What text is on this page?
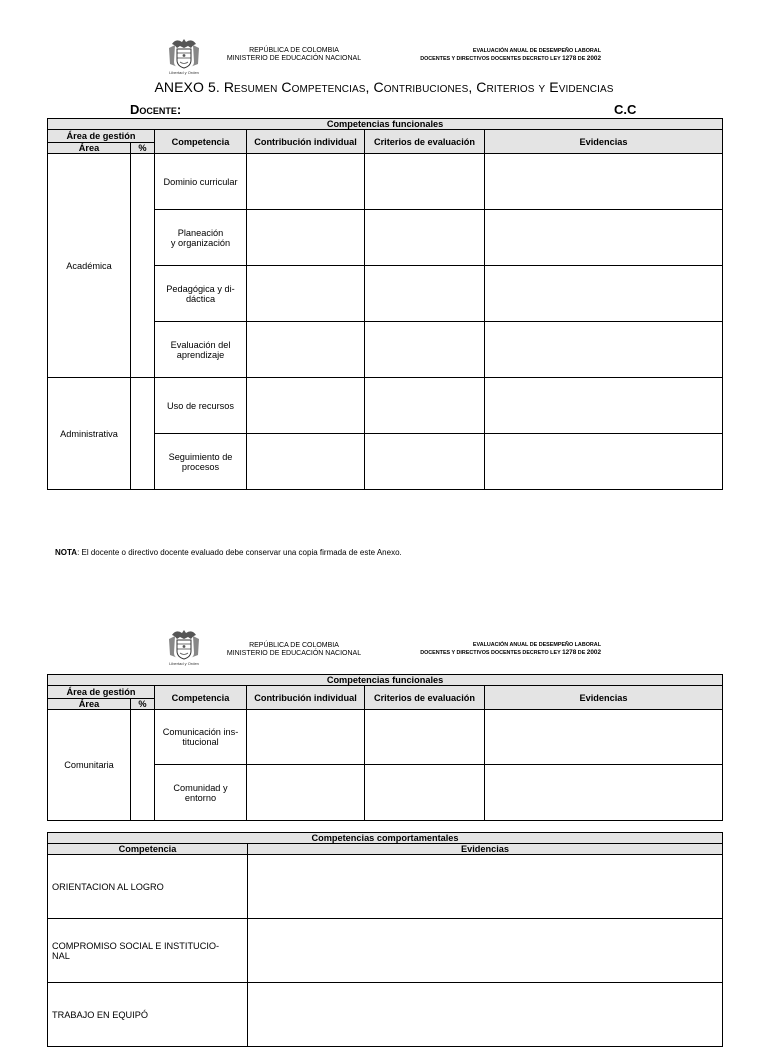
Libertad y Orden
REPÚBLICA DE COLOMBIA
MINISTERIO DE EDUCACIÓN NACIONAL
EVALUACIÓN ANUAL DE DESEMPEÑO LABORAL
DOCENTES Y DIRECTIVOS DOCENTES DECRETO LEY 1278 DE 2002
ANEXO 5. Resumen Competencias, Contribuciones, Criterios y Evidencias
Docente:	C.C
Competencias funcionales					
Área de gestión		Competencia	Contribución individual	Criterios de evaluación	Evidencias
Área	%				
Académica		Dominio curricular			

		Planeación
y organización			

		Pedagógica y di-
dáctica			

		Evaluación del
aprendizaje			

Administrativa		Uso de recursos			

		Seguimiento de
procesos			

NOTA: El docente o directivo docente evaluado debe conservar una copia firmada de este Anexo.
Libertad y Orden
REPÚBLICA DE COLOMBIA
MINISTERIO DE EDUCACIÓN NACIONAL
EVALUACIÓN ANUAL DE DESEMPEÑO LABORAL
DOCENTES Y DIRECTIVOS DOCENTES DECRETO LEY 1278 DE 2002
Competencias funcionales					
Área de gestión		Competencia	Contribución individual	Criterios de evaluación	Evidencias
Área	%				
Comunitaria		Comunicación ins-
titucional			

		Comunidad y
entorno			

Competencias comportamentales	
Competencia	Evidencias

ORIENTACION AL LOGRO	

COMPROMISO SOCIAL E INSTITUCIO-
NAL	

TRABAJO EN EQUIPÓ	
